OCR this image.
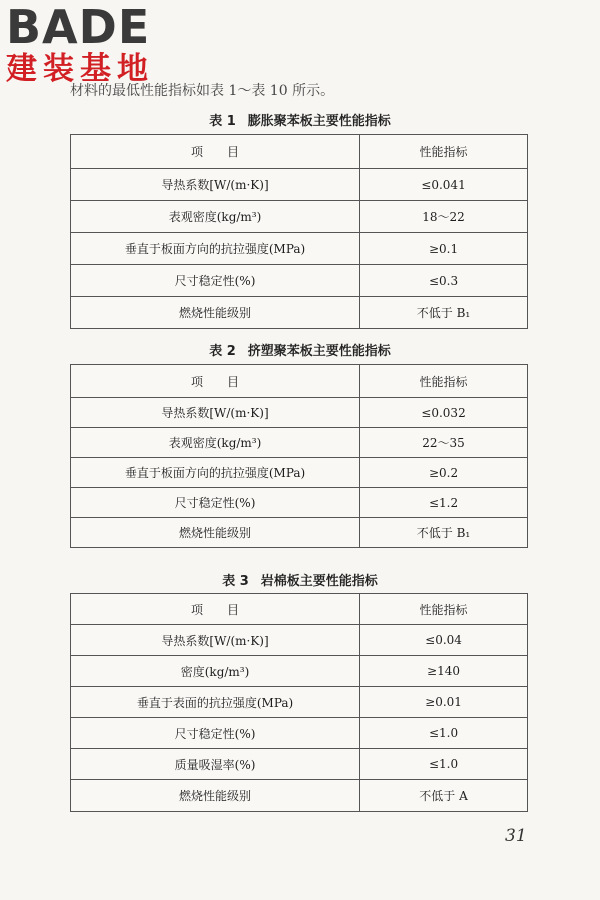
BADE
建装基地
材料的最低性能指标如表 1～表 10 所示。
表 1 膨胀聚苯板主要性能指标
项　　目	性能指标
导热系数[W/(m·K)]	≤0.041
表观密度(kg/m³)	18～22
垂直于板面方向的抗拉强度(MPa)	≥0.1
尺寸稳定性(%)	≤0.3
燃烧性能级别	不低于 B₁
表 2 挤塑聚苯板主要性能指标
项　　目	性能指标
导热系数[W/(m·K)]	≤0.032
表观密度(kg/m³)	22～35
垂直于板面方向的抗拉强度(MPa)	≥0.2
尺寸稳定性(%)	≤1.2
燃烧性能级别	不低于 B₁
表 3 岩棉板主要性能指标
项　　目	性能指标
导热系数[W/(m·K)]	≤0.04
密度(kg/m³)	≥140
垂直于表面的抗拉强度(MPa)	≥0.01
尺寸稳定性(%)	≤1.0
质量吸湿率(%)	≤1.0
燃烧性能级别	不低于 A
31
